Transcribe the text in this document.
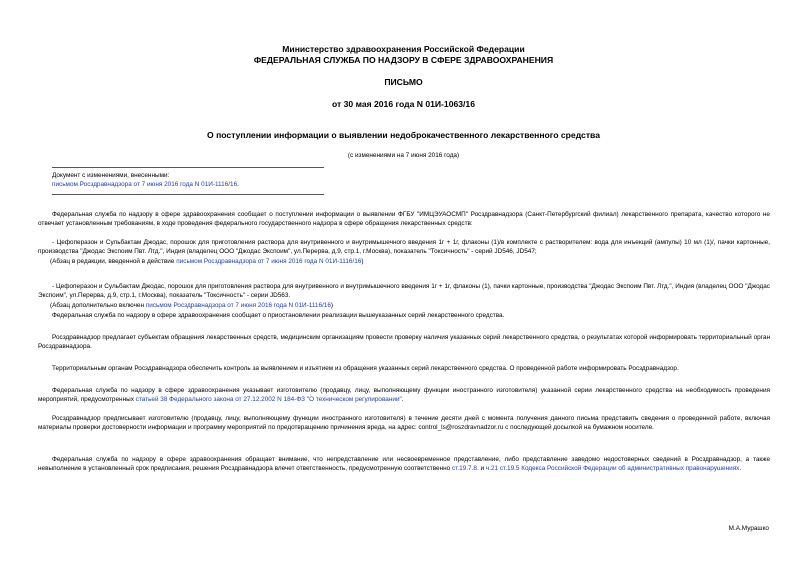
Министерство здравоохранения Российской Федерации
ФЕДЕРАЛЬНАЯ СЛУЖБА ПО НАДЗОРУ В СФЕРЕ ЗДРАВООХРАНЕНИЯ
ПИСЬМО
от 30 мая 2016 года N 01И-1063/16
О поступлении информации о выявлении недоброкачественного лекарственного средства
(с изменениями на 7 июня 2016 года)
Документ с изменениями, внесенными:
письмом Росздравнадзора от 7 июня 2016 года N 01И-1116/16.
Федеральная служба по надзору в сфере здравоохранения сообщает о поступлении информации о выявлении ФГБУ "ИМЦЭУАОСМП" Росздравнадзора (Санкт-Петербургский филиал) лекарственного препарата, качество которого не отвечает установленным требованиям, в ходе проведения федерального государственного надзора в сфере обращения лекарственных средств:
- Цефоперазон и Сульбактам Джодас, порошок для приготовления раствора для внутривенного и внутримышечного введения 1г + 1г, флаконы (1)/в комплекте с растворителем: вода для инъекций (ампулы) 10 мл (1)/, пачки картонные, производства "Джодас Экспоим Пвт. Лтд.", Индия (владелец ООО "Джодас Экспоим", ул.Перерва, д.9, стр.1, г.Москва), показатель "Токсичность" - серий JD546, JD547;
(Абзац в редакции, введенной в действие письмом Росздравнадзора от 7 июня 2016 года N 01И-1116/16)
- Цефоперазон и Сульбактам Джодас, порошок для приготовления раствора для внутривенного и внутримышечного введения 1г + 1г, флаконы (1), пачки картонные, производства "Джодас Экспоим Пвт. Лтд.", Индия (владелец ООО "Джодас Экспоим", ул.Перерва, д.9, стр.1, г.Москва), показатель "Токсичность" - серии JD563.
(Абзац дополнительно включен письмом Росздравнадзора от 7 июня 2016 года N 01И-1116/16)
Федеральная служба по надзору в сфере здравоохранения сообщает о приостановлении реализации вышеуказанных серий лекарственного средства.
Росздравнадзор предлагает субъектам обращения лекарственных средств, медицинским организациям провести проверку наличия указанных серий лекарственного средства, о результатах которой информировать территориальный орган Росздравнадзора.
Территориальным органам Росздравнадзора обеспечить контроль за выявлением и изъятием из обращения указанных серий лекарственного средства. О проведенной работе информировать Росздравнадзор.
Федеральная служба по надзору в сфере здравоохранения указывает изготовителю (продавцу, лицу, выполняющему функции иностранного изготовителя) указанной серии лекарственного средства на необходимость проведения мероприятий, предусмотренных статьей 38 Федерального закона от 27.12.2002 N 184-ФЗ "О техническом регулировании".
Росздравнадзор предписывает изготовителю (продавцу, лицу, выполняющему функции иностранного изготовителя) в течение десяти дней с момента получения данного письма представить сведения о проведенной работе, включая материалы проверки достоверности информации и программу мероприятий по предотвращению причинения вреда, на адрес: control_ls@roszdravnadzor.ru с последующей досылкой на бумажном носителе.
Федеральная служба по надзору в сфере здравоохранения обращает внимание, что непредставление или несвоевременное представление, либо представление заведомо недостоверных сведений в Росздравнадзор, а также невыполнение в установленный срок предписания, решения Росздравнадзора влечет ответственность, предусмотренную соответственно ст.19.7.8. и ч.21 ст.19.5 Кодекса Российской Федерации об административных правонарушениях.
М.А.Мурашко
